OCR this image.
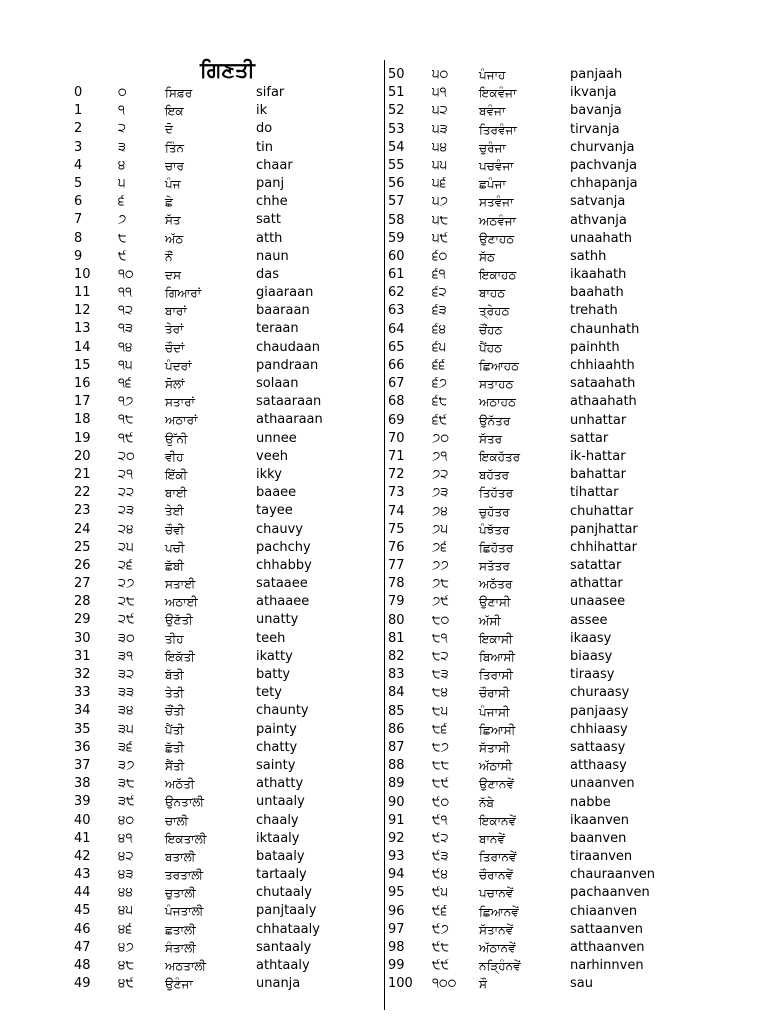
ਗਿਣਤੀ
0	੦	ਸਿਫ਼ਰ	sifar
1	੧	ਇਕ	ik
2	੨	ਦੋ	do
3	੩	ਤਿੰਨ	tin
4	੪	ਚਾਰ	chaar
5	੫	ਪੰਜ	panj
6	੬	ਛੇ	chhe
7	੭	ਸੱਤ	satt
8	੮	ਅੱਠ	atth
9	੯	ਨੌਂ	naun
10 ੧੦	ਦਸ	das
11 ੧੧	ਗਿਆਰਾਂ	giaaraan
12 ੧੨	ਬਾਰਾਂ	baaraan
13 ੧੩	ਤੇਰਾਂ	teraan
14 ੧੪	ਚੌਦਾਂ	chaudaan
15 ੧੫	ਪੰਦਰਾਂ	pandraan
16 ੧੬	ਸੋਲਾਂ	solaan
17 ੧੭	ਸਤਾਰਾਂ	sataaraan
18 ੧੮	ਅਠਾਰਾਂ	athaaraan
19 ੧੯	ਉੱਨੀ	unnee
20 ੨੦	ਵੀਹ	veeh
21 ੨੧	ਇੱਕੀ	ikky
22 ੨੨	ਬਾਈ	baaee
23 ੨੩	ਤੇਈ	tayee
24 ੨੪	ਚੌਵੀ	chauvy
25 ੨੫	ਪਚੀ	pachchy
26 ੨੬	ਛੱਬੀ	chhabby
27 ੨੭	ਸਤਾਈ	sataaee
28 ੨੮	ਅਠਾਈ	athaaee
29 ੨੯	ਉਣੱਤੀ	unatty
30 ੩੦	ਤੀਹ	teeh
31 ੩੧	ਇਕੱਤੀ	ikatty
32 ੩੨	ਬੱਤੀ	batty
33 ੩੩	ਤੇਤੀ	tety
34 ੩੪	ਚੌਂਤੀ	chaunty
35 ੩੫	ਪੈਂਤੀ	painty
36 ੩੬	ਛੱਤੀ	chatty
37 ੩੭	ਸੈਂਤੀ	sainty
38 ੩੮	ਅਠੱਤੀ	athatty
39 ੩੯	ਉਨਤਾਲੀ	untaaly
40 ੪੦	ਚਾਲੀ	chaaly
41 ੪੧	ਇਕਤਾਲੀ	iktaaly
42 ੪੨	ਬਤਾਲੀ	bataaly
43 ੪੩	ਤਰਤਾਲੀ	tartaaly
44 ੪੪	ਚੁਤਾਲੀ	chutaaly
45 ੪੫	ਪੰਜਤਾਲੀ	panjtaaly
46 ੪੬	ਛਤਾਲੀ	chhataaly
47 ੪੭	ਸੰਤਾਲੀ	santaaly
48 ੪੮	ਅਠਤਾਲੀ	athtaaly
49 ੪੯	ਉਣੰਜਾ	unanja
50 ੫੦	ਪੰਜਾਹ	panjaah
51 ੫੧	ਇਕਵੰਜਾ	ikvanja
52 ੫੨	ਬਵੰਜਾ	bavanja
53 ੫੩	ਤਿਰਵੰਜਾ	tirvanja
54 ੫੪	ਚੁਰੰਜਾ	churvanja
55 ੫੫	ਪਚਵੰਜਾ	pachvanja
56 ੫੬	ਛਪੰਜਾ	chhapanja
57 ੫੭	ਸਤਵੰਜਾ	satvanja
58 ੫੮	ਅਠਵੰਜਾ	athvanja
59 ੫੯	ਉਣਾਹਠ	unaahath
60 ੬੦	ਸੱਠ	sathh
61 ੬੧	ਇਕਾਹਠ	ikaahath
62 ੬੨	ਬਾਹਠ	baahath
63 ੬੩	ਤ੍ਰੇਹਠ	trehath
64 ੬੪	ਚੌਂਹਠ	chaunhath
65 ੬੫	ਪੈਂਹਠ	painhth
66 ੬੬	ਛਿਆਹਠ	chhiaahth
67 ੬੭	ਸਤਾਹਠ	sataahath
68 ੬੮	ਅਠਾਹਠ	athaahath
69 ੬੯	ਉਨੱਤਰ	unhattar
70 ੭੦ ਸੱਤਰ	sattar
71 ੭੧	ਇਕਹੱਤਰ	ik-hattar
72 ੭੨	ਬਹੱਤਰ	bahattar
73 ੭੩	ਤਿਹੱਤਰ	tihattar
74 ੭੪	ਚੁਹੱਤਰ	chuhattar
75 ੭੫	ਪੰਝੱਤਰ	panjhattar
76 ੭੬	ਛਿਹੱਤਰ	chhihattar
77 ੭੭	ਸਤੱਤਰ	satattar
78 ੭੮	ਅਠੱਤਰ	athattar
79 ੭੯	ਉਣਾਸੀ	unaasee
80 ੮੦ ਅੱਸੀ	assee
81 ੮੧	ਇਕਾਸੀ	ikaasy
82 ੮੨	ਬਿਆਸੀ	biaasy
83 ੮੩	ਤਿਰਾਸੀ	tiraasy
84 ੮੪	ਚੌਰਾਸੀ	churaasy
85 ੮੫	ਪੰਜਾਸੀ	panjaasy
86 ੮੬	ਛਿਆਸੀ	chhiaasy
87 ੮੭	ਸੱਤਾਸੀ	sattaasy
88 ੮੮ ਅੱਠਾਸੀ	atthaasy
89 ੮੯ ਉਣਾਨਵੇਂ	unaanven
90 ੯੦ ਨੱਬੇ	nabbe
91 ੯੧	ਇਕਾਨਵੇਂ	ikaanven
92 ੯੨	ਬਾਨਵੇਂ	baanven
93 ੯੩	ਤਿਰਾਨਵੇਂ	tiraanven
94 ੯੪	ਚੌਰਾਨਵੇਂ	chauraanven
95 ੯੫	ਪਚਾਨਵੇਂ	pachaanven
96 ੯੬	ਛਿਆਨਵੇਂ	chiaanven
97 ੯੭	ਸੱਤਾਨਵੇਂ	sattaanven
98 ੯੮ ਅੱਠਾਨਵੇਂ	atthaanven
99 ੯੯ ਨੜ੍ਹਿੰਨਵੇਂ	narhinnven
100 ੧੦੦ ਸੌ	sau
